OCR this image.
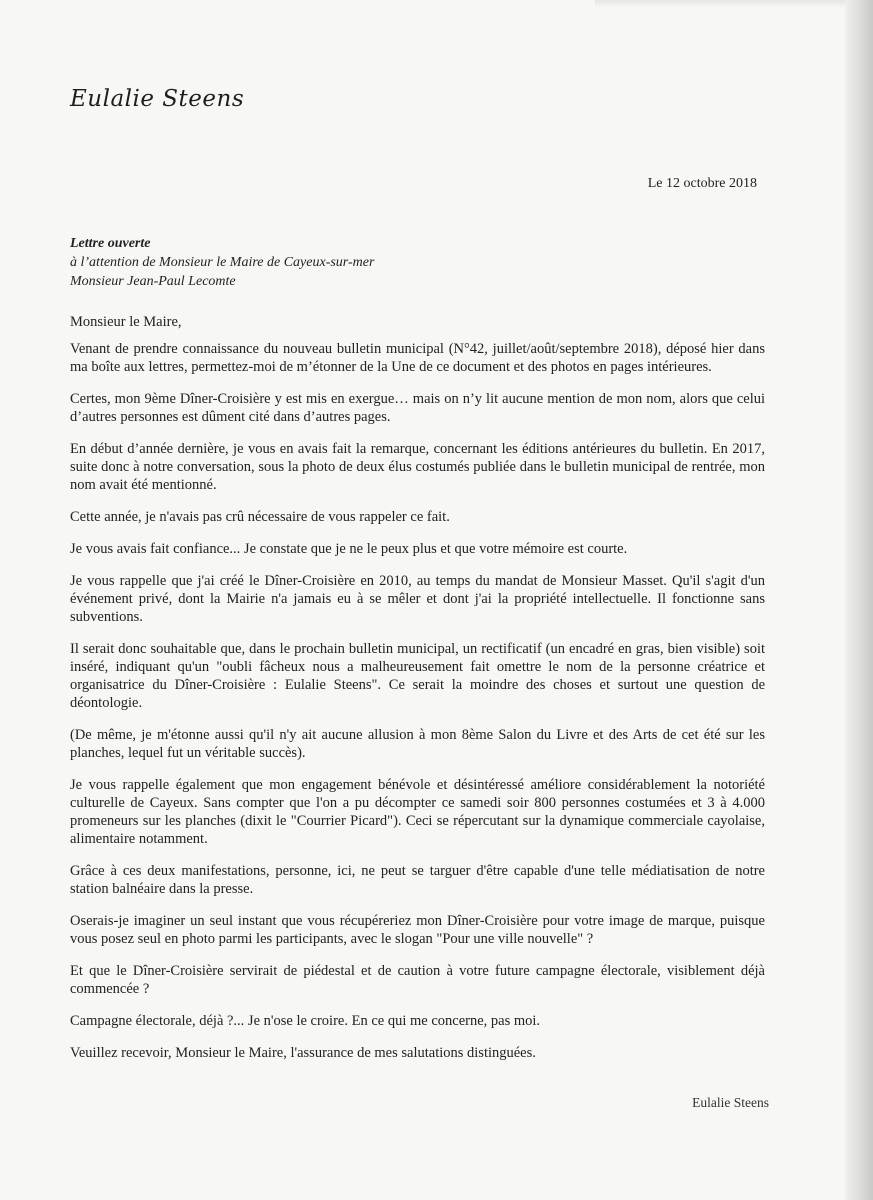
Eulalie Steens
Le 12 octobre 2018
Lettre ouverte
à l’attention de Monsieur le Maire de Cayeux-sur-mer
Monsieur Jean-Paul Lecomte
Monsieur le Maire,

Venant de prendre connaissance du nouveau bulletin municipal (N°42, juillet/août/septembre 2018), déposé hier dans ma boîte aux lettres, permettez-moi de m’étonner de la Une de ce document et des photos en pages intérieures.

Certes, mon 9ème Dîner-Croisière y est mis en exergue… mais on n’y lit aucune mention de mon nom, alors que celui d’autres personnes est dûment cité dans d’autres pages.

En début d’année dernière, je vous en avais fait la remarque, concernant les éditions antérieures du bulletin. En 2017, suite donc à notre conversation, sous la photo de deux élus costumés publiée dans le bulletin municipal de rentrée, mon nom avait été mentionné.

Cette année, je n'avais pas crû nécessaire de vous rappeler ce fait.

Je vous avais fait confiance... Je constate que je ne le peux plus et que votre mémoire est courte.

Je vous rappelle que j'ai créé le Dîner-Croisière en 2010, au temps du mandat de Monsieur Masset. Qu'il s'agit d'un événement privé, dont la Mairie n'a jamais eu à se mêler et dont j'ai la propriété intellectuelle. Il fonctionne sans subventions.

Il serait donc souhaitable que, dans le prochain bulletin municipal, un rectificatif (un encadré en gras, bien visible) soit inséré, indiquant qu'un "oubli fâcheux nous a malheureusement fait omettre le nom de la personne créatrice et organisatrice du Dîner-Croisière : Eulalie Steens". Ce serait la moindre des choses et surtout une question de déontologie.

(De même, je m'étonne aussi qu'il n'y ait aucune allusion à mon 8ème Salon du Livre et des Arts de cet été sur les planches, lequel fut un véritable succès).

Je vous rappelle également que mon engagement bénévole et désintéressé améliore considérablement la notoriété culturelle de Cayeux. Sans compter que l'on a pu décompter ce samedi soir 800 personnes costumées et 3 à 4.000 promeneurs sur les planches (dixit le "Courrier Picard"). Ceci se répercutant sur la dynamique commerciale cayolaise, alimentaire notamment.

Grâce à ces deux manifestations, personne, ici, ne peut se targuer d'être capable d'une telle médiatisation de notre station balnéaire dans la presse.

Oserais-je imaginer un seul instant que vous récupéreriez mon Dîner-Croisière pour votre image de marque, puisque vous posez seul en photo parmi les participants, avec le slogan "Pour une ville nouvelle" ?

Et que le Dîner-Croisière servirait de piédestal et de caution à votre future campagne électorale, visiblement déjà commencée ?

Campagne électorale, déjà ?... Je n'ose le croire. En ce qui me concerne, pas moi.

Veuillez recevoir, Monsieur le Maire, l'assurance de mes salutations distinguées.

Eulalie Steens
